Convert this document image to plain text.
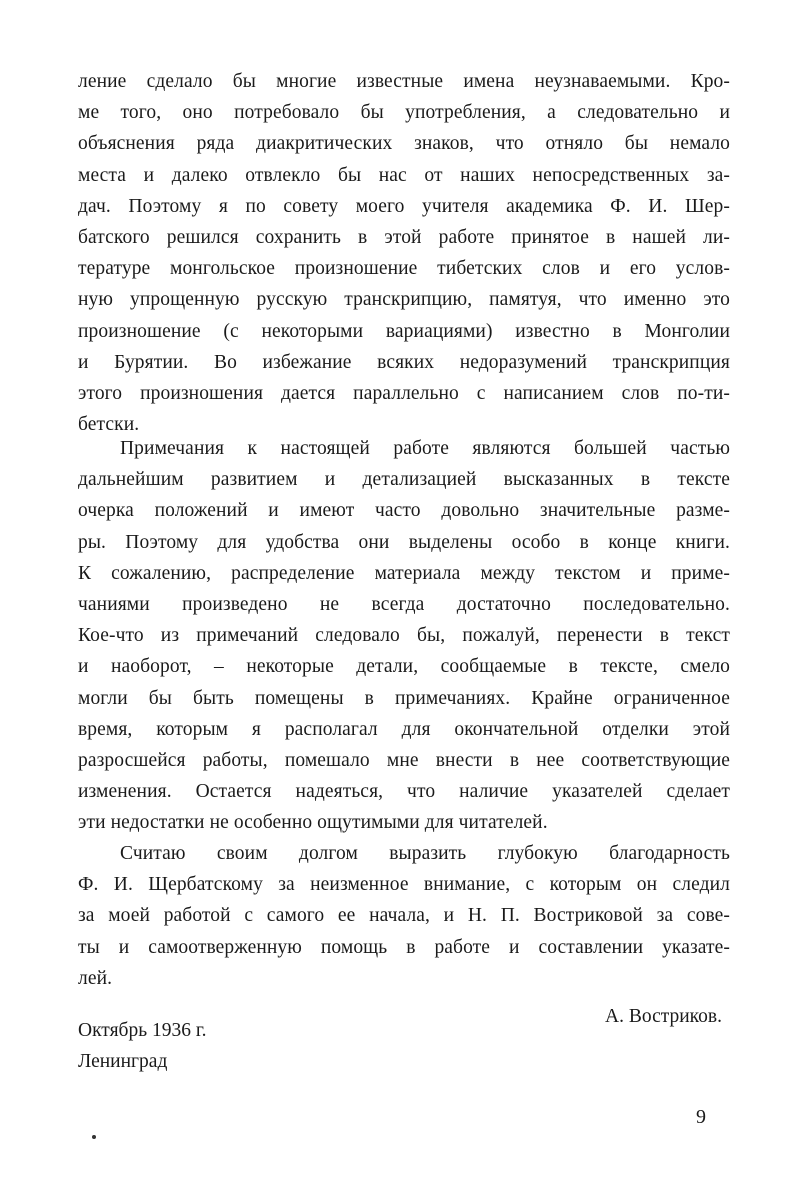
ление сделало бы многие известные имена неузнаваемыми. Кро-
ме того, оно потребовало бы употребления, а следовательно и
объяснения ряда диакритических знаков, что отняло бы немало
места и далеко отвлекло бы нас от наших непосредственных за-
дач. Поэтому я по совету моего учителя академика Ф. И. Шер-
батского решился сохранить в этой работе принятое в нашей ли-
тературе монгольское произношение тибетских слов и его услов-
ную упрощенную русскую транскрипцию, памятуя, что именно это
произношение (с некоторыми вариациями) известно в Монголии
и Бурятии. Во избежание всяких недоразумений транскрипция
этого произношения дается параллельно с написанием слов по-ти-
бетски.
Примечания к настоящей работе являются большей частью
дальнейшим развитием и детализацией высказанных в тексте
очерка положений и имеют часто довольно значительные разме-
ры. Поэтому для удобства они выделены особо в конце книги.
К сожалению, распределение материала между текстом и приме-
чаниями произведено не всегда достаточно последовательно.
Кое-что из примечаний следовало бы, пожалуй, перенести в текст
и наоборот, – некоторые детали, сообщаемые в тексте, смело
могли бы быть помещены в примечаниях. Крайне ограниченное
время, которым я располагал для окончательной отделки этой
разросшейся работы, помешало мне внести в нее соответствующие
изменения. Остается надеяться, что наличие указателей сделает
эти недостатки не особенно ощутимыми для читателей.
Считаю своим долгом выразить глубокую благодарность
Ф. И. Щербатскому за неизменное внимание, с которым он следил
за моей работой с самого ее начала, и Н. П. Востриковой за сове-
ты и самоотверженную помощь в работе и составлении указате-
лей.
А. Востриков.
Октябрь 1936 г.
Ленинград
9
